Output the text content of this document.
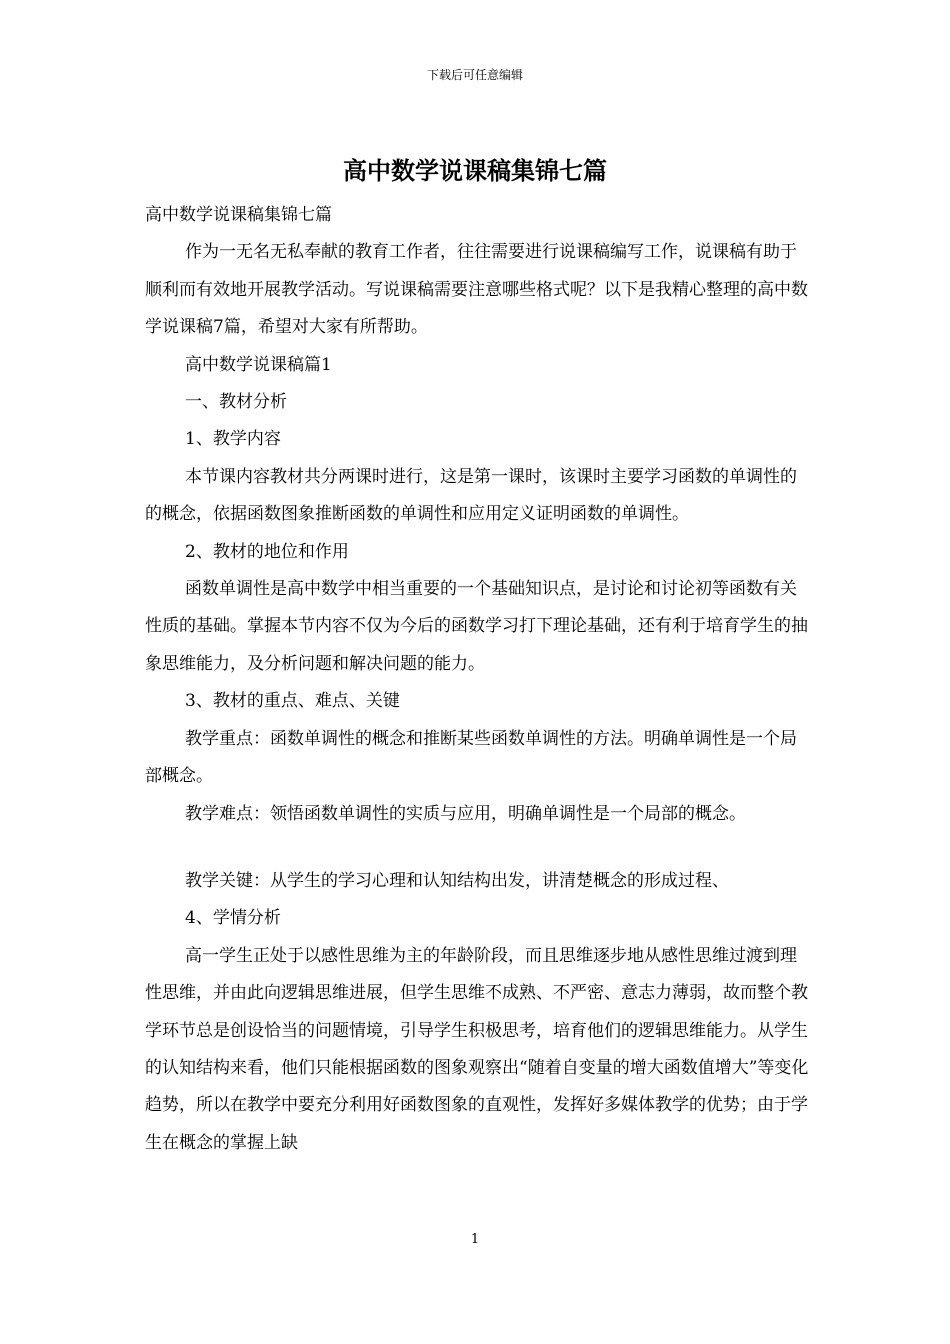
下载后可任意编辑
高中数学说课稿集锦七篇

高中数学说课稿集锦七篇

作为一无名无私奉献的教育工作者，往往需要进行说课稿编写工作，说课稿有助于顺利而有效地开展教学活动。写说课稿需要注意哪些格式呢？以下是我精心整理的高中数学说课稿7篇，希望对大家有所帮助。

高中数学说课稿篇1

一、教材分析

1、教学内容

本节课内容教材共分两课时进行，这是第一课时，该课时主要学习函数的单调性的的概念，依据函数图象推断函数的单调性和应用定义证明函数的单调性。

2、教材的地位和作用

函数单调性是高中数学中相当重要的一个基础知识点，是讨论和讨论初等函数有关性质的基础。掌握本节内容不仅为今后的函数学习打下理论基础，还有利于培育学生的抽象思维能力，及分析问题和解决问题的能力。

3、教材的重点、难点、关键

教学重点：函数单调性的概念和推断某些函数单调性的方法。明确单调性是一个局部概念。

教学难点：领悟函数单调性的实质与应用，明确单调性是一个局部的概念。

教学关键：从学生的学习心理和认知结构出发，讲清楚概念的形成过程、

4、学情分析

高一学生正处于以感性思维为主的年龄阶段，而且思维逐步地从感性思维过渡到理性思维，并由此向逻辑思维进展，但学生思维不成熟、不严密、意志力薄弱，故而整个教学环节总是创设恰当的问题情境，引导学生积极思考，培育他们的逻辑思维能力。从学生的认知结构来看，他们只能根据函数的图象观察出“随着自变量的增大函数值增大”等变化趋势，所以在教学中要充分利用好函数图象的直观性，发挥好多媒体教学的优势；由于学生在概念的掌握上缺

1
